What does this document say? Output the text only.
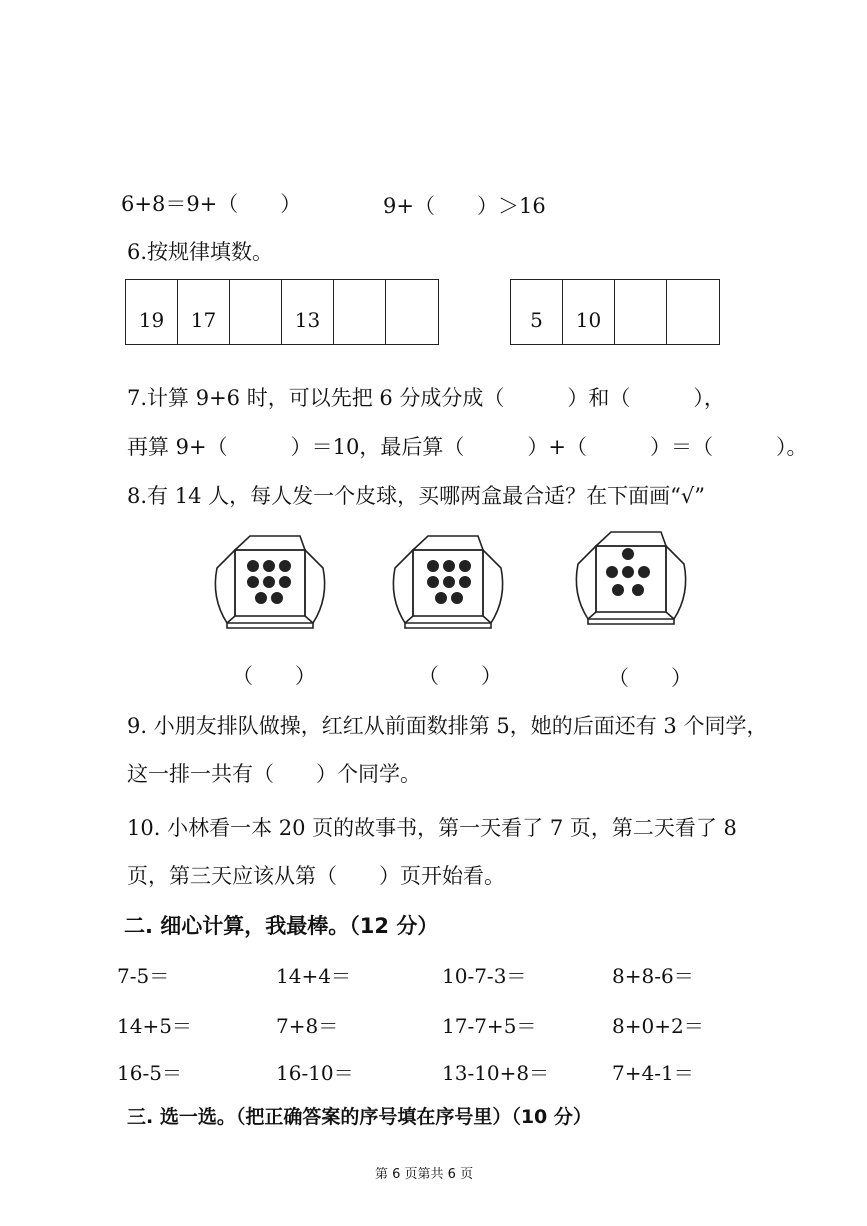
6+8＝9+（　　）	9+（　　）＞16
6.按规律填数。
19	17	13	5	10
7.计算 9+6 时，可以先把 6 分成分成（　　　）和（　　　），
再算 9+（　　　）＝10，最后算（　　　）+（　　　）＝（　　　）。
8.有 14 人，每人发一个皮球，买哪两盒最合适？在下面画“√”
（　　）	（　　）	（　　）
9. 小朋友排队做操，红红从前面数排第 5，她的后面还有 3 个同学，
这一排一共有（　　）个同学。
10. 小林看一本 20 页的故事书，第一天看了 7 页，第二天看了 8
页，第三天应该从第（　　）页开始看。
二. 细心计算，我最棒。（12 分）
7-5＝	14+4＝	10-7-3＝	8+8-6＝
14+5＝	7+8＝	17-7+5＝	8+0+2＝
16-5＝	16-10＝	13-10+8＝	7+4-1＝
三. 选一选。（把正确答案的序号填在序号里）（10 分）
第 6 页第共 6 页
